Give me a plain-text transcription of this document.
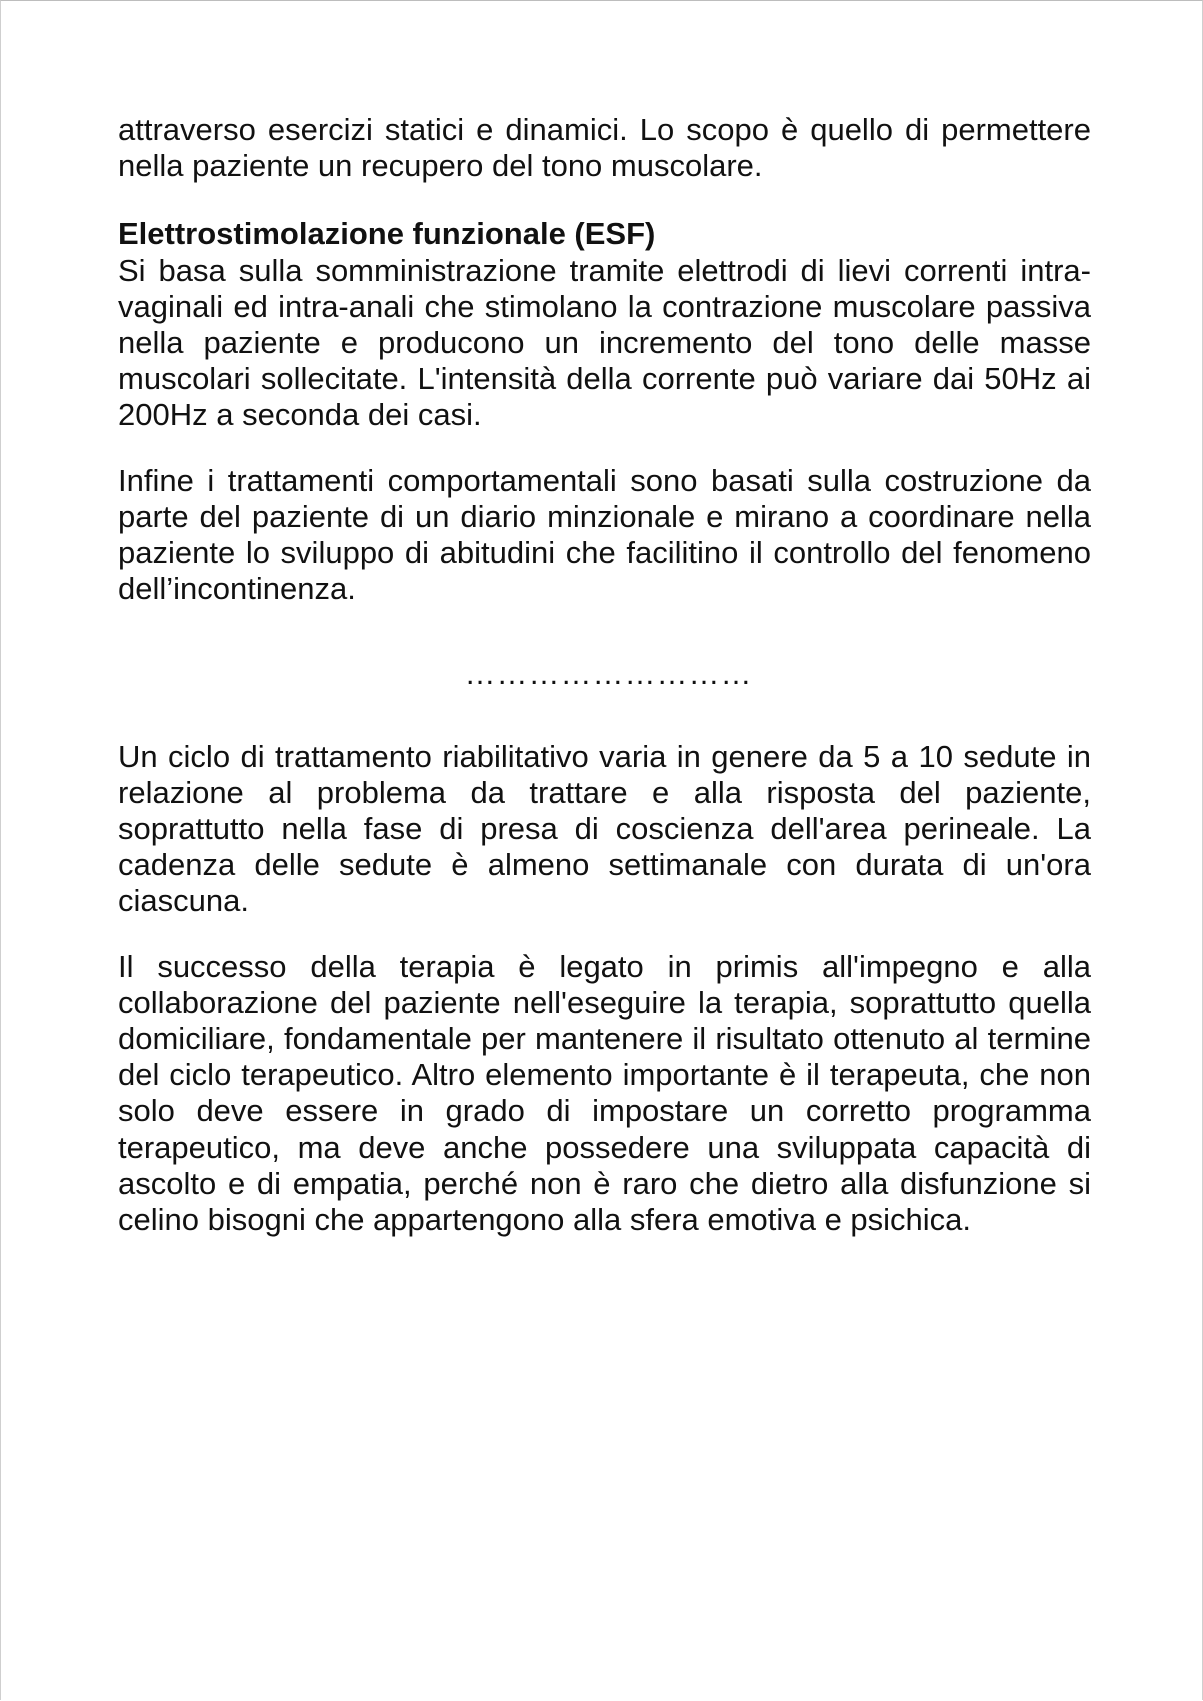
attraverso esercizi statici e dinamici. Lo scopo è quello di permettere nella paziente un recupero del tono muscolare.

Elettrostimolazione funzionale (ESF)

Si basa sulla somministrazione tramite elettrodi di lievi correnti intra-vaginali ed intra-anali che stimolano la contrazione muscolare passiva nella paziente e producono un incremento del tono delle masse muscolari sollecitate. L'intensità della corrente può variare dai 50Hz ai 200Hz a seconda dei casi.

Infine i trattamenti comportamentali sono basati sulla costruzione da parte del paziente di un diario minzionale e mirano a coordinare nella paziente lo sviluppo di abitudini che facilitino il controllo del fenomeno dell’incontinenza.

………………………

Un ciclo di trattamento riabilitativo varia in genere da 5 a 10 sedute in relazione al problema da trattare e alla risposta del paziente, soprattutto nella fase di presa di coscienza dell'area perineale. La cadenza delle sedute è almeno settimanale con durata di un'ora ciascuna.

Il successo della terapia è legato in primis all'impegno e alla collaborazione del paziente nell'eseguire la terapia, soprattutto quella domiciliare, fondamentale per mantenere il risultato ottenuto al termine del ciclo terapeutico. Altro elemento importante è il terapeuta, che non solo deve essere in grado di impostare un corretto programma terapeutico, ma deve anche possedere una sviluppata capacità di ascolto e di empatia, perché non è raro che dietro alla disfunzione si celino bisogni che appartengono alla sfera emotiva e psichica.
